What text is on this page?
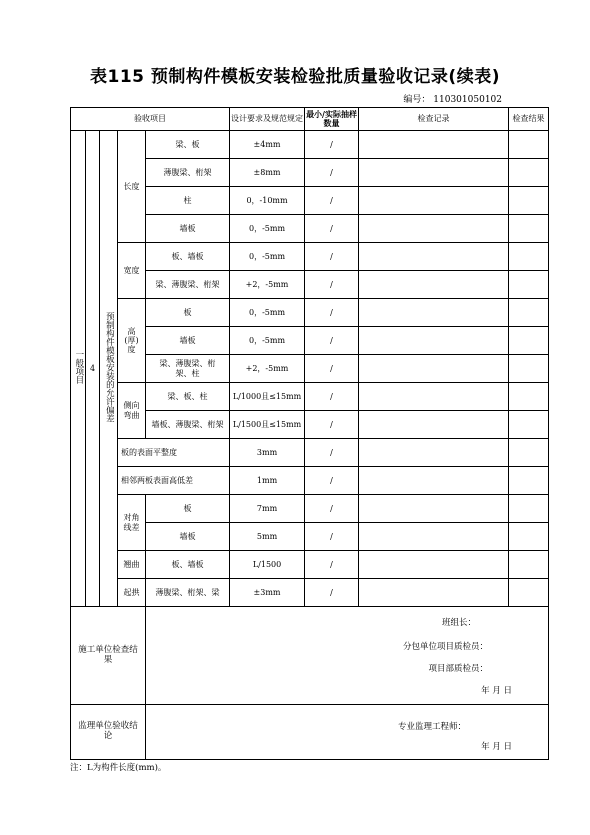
表115 预制构件模板安装检验批质量验收记录(续表)
编号： 110301050102
验收项目					设计要求及规范规定	最小/实际抽样数量	检查记录	检查结果
一般项目	4	预制构件模板安装的允许偏差	长度	梁、板	±4mm	/		
				薄腹梁、桁架	±8mm	/		
				柱	0，-10mm	/		
				墙板	0，-5mm	/		
			宽度	板、墙板	0，-5mm	/		
				梁、薄腹梁、桁架	+2，-5mm	/		
			高(厚)度	板	0，-5mm	/		
				墙板	0，-5mm	/		
				梁、薄腹梁、桁架、柱	+2，-5mm	/		
			侧向弯曲	梁、板、柱	L/1000且≤15mm	/		
				墙板、薄腹梁、桁架	L/1500且≤15mm	/		
			板的表面平整度		3mm	/		
			相邻两板表面高低差		1mm	/		
			对角线差	板	7mm	/		
				墙板	5mm	/		
			翘曲	板、墙板	L/1500	/		
			起拱	薄腹梁、桁架、梁	±3mm	/		
施工单位检查结果				班组长：
分包单位项目质检员：
项目部质检员：
年 月 日				

监理单位验收结论				专业监理工程师：
年 月 日				
注：L为构件长度(mm)。
